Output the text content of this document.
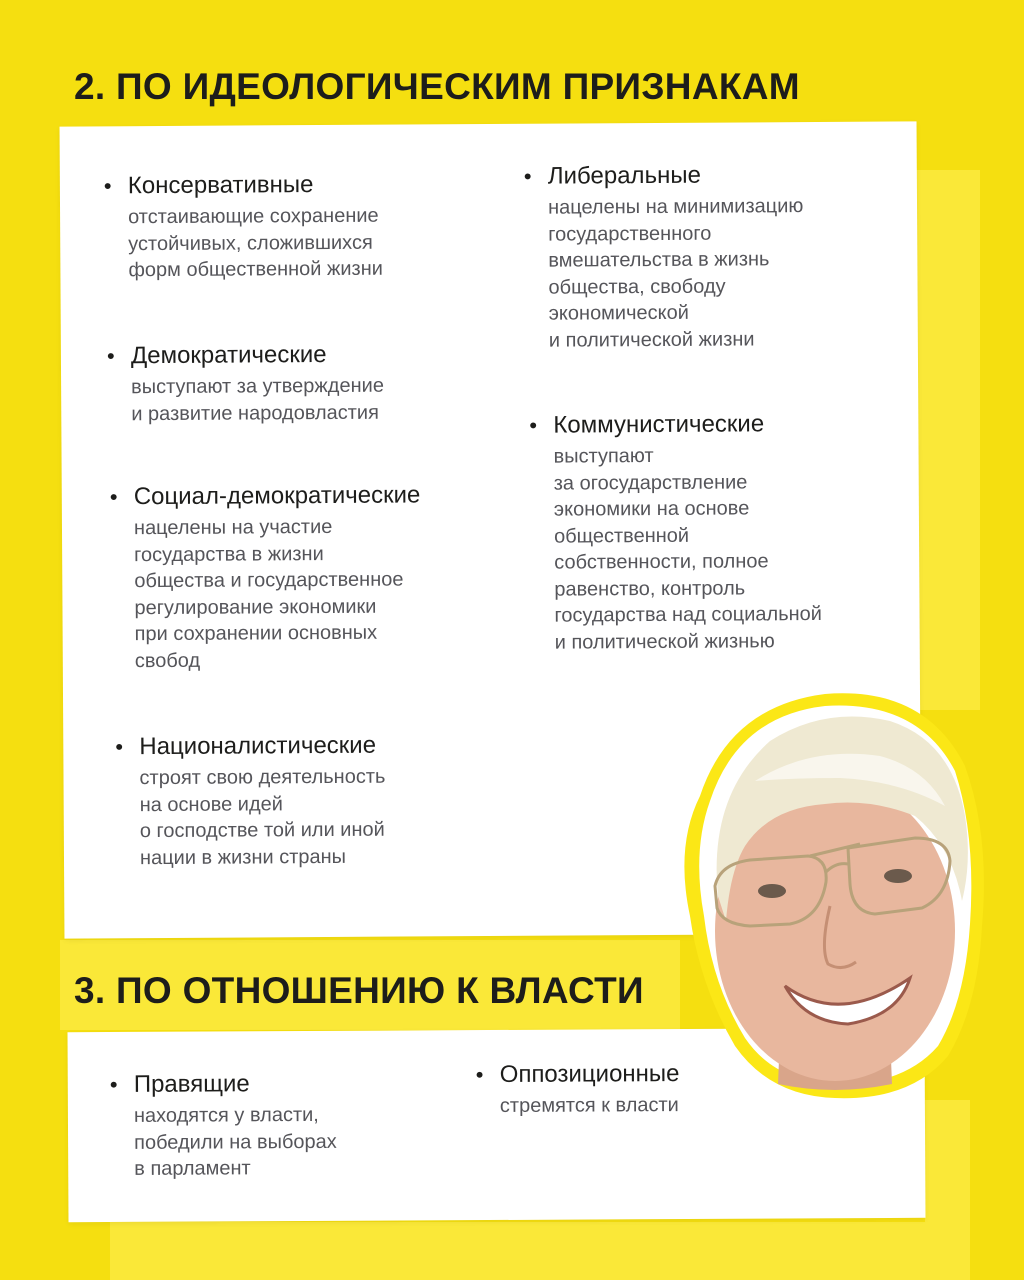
2. ПО ИДЕОЛОГИЧЕСКИМ ПРИЗНАКАМ
• Консервативные
отстаивающие сохранение
устойчивых, сложившихся
форм общественной жизни
• Демократические
выступают за утверждение
и развитие народовластия
• Социал-демократические
нацелены на участие
государства в жизни
общества и государственное
регулирование экономики
при сохранении основных
свобод
• Националистические
строят свою деятельность
на основе идей
о господстве той или иной
нации в жизни страны
• Либеральные
нацелены на минимизацию
государственного
вмешательства в жизнь
общества, свободу
экономической
и политической жизни
• Коммунистические
выступают
за огосударствление
экономики на основе
общественной
собственности, полное
равенство, контроль
государства над социальной
и политической жизнью
3. ПО ОТНОШЕНИЮ К ВЛАСТИ
• Правящие
находятся у власти,
победили на выборах
в парламент
• Оппозиционные
стремятся к власти
